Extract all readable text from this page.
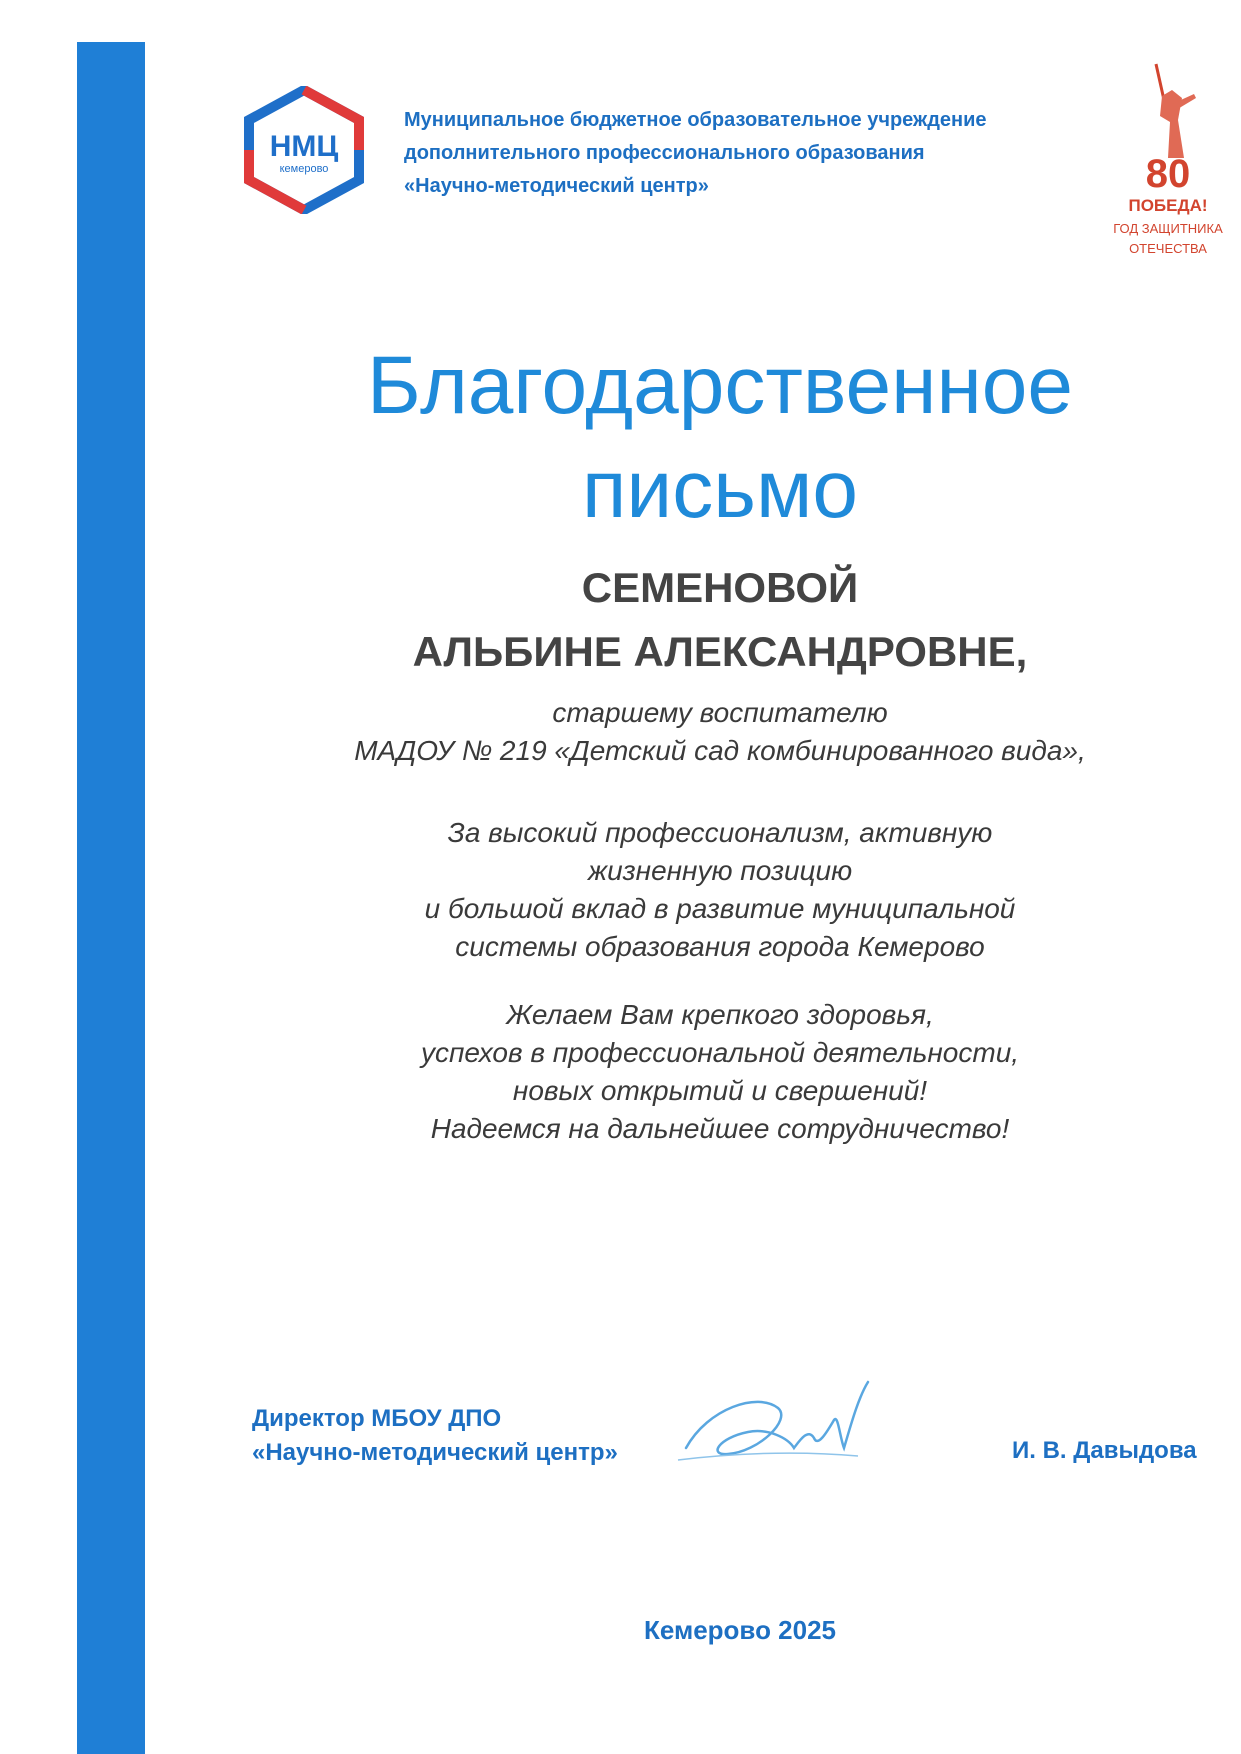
НМЦ
кемерово
Муниципальное бюджетное образовательное учреждение
дополнительного профессионального образования
«Научно-методический центр»	80
ПОБЕДА!
ГОД ЗАЩИТНИКА
ОТЕЧЕСТВА
Благодарственное
письмо
СЕМЕНОВОЙ
АЛЬБИНЕ АЛЕКСАНДРОВНЕ,
старшему воспитателю
МАДОУ № 219 «Детский сад комбинированного вида»,
За высокий профессионализм, активную
жизненную позицию
и большой вклад в развитие муниципальной
системы образования города Кемерово
Желаем Вам крепкого здоровья,
успехов в профессиональной деятельности,
новых открытий и свершений!
Надеемся на дальнейшее сотрудничество!
Директор МБОУ ДПО
«Научно-методический центр»	И. В. Давыдова
Кемерово 2025
